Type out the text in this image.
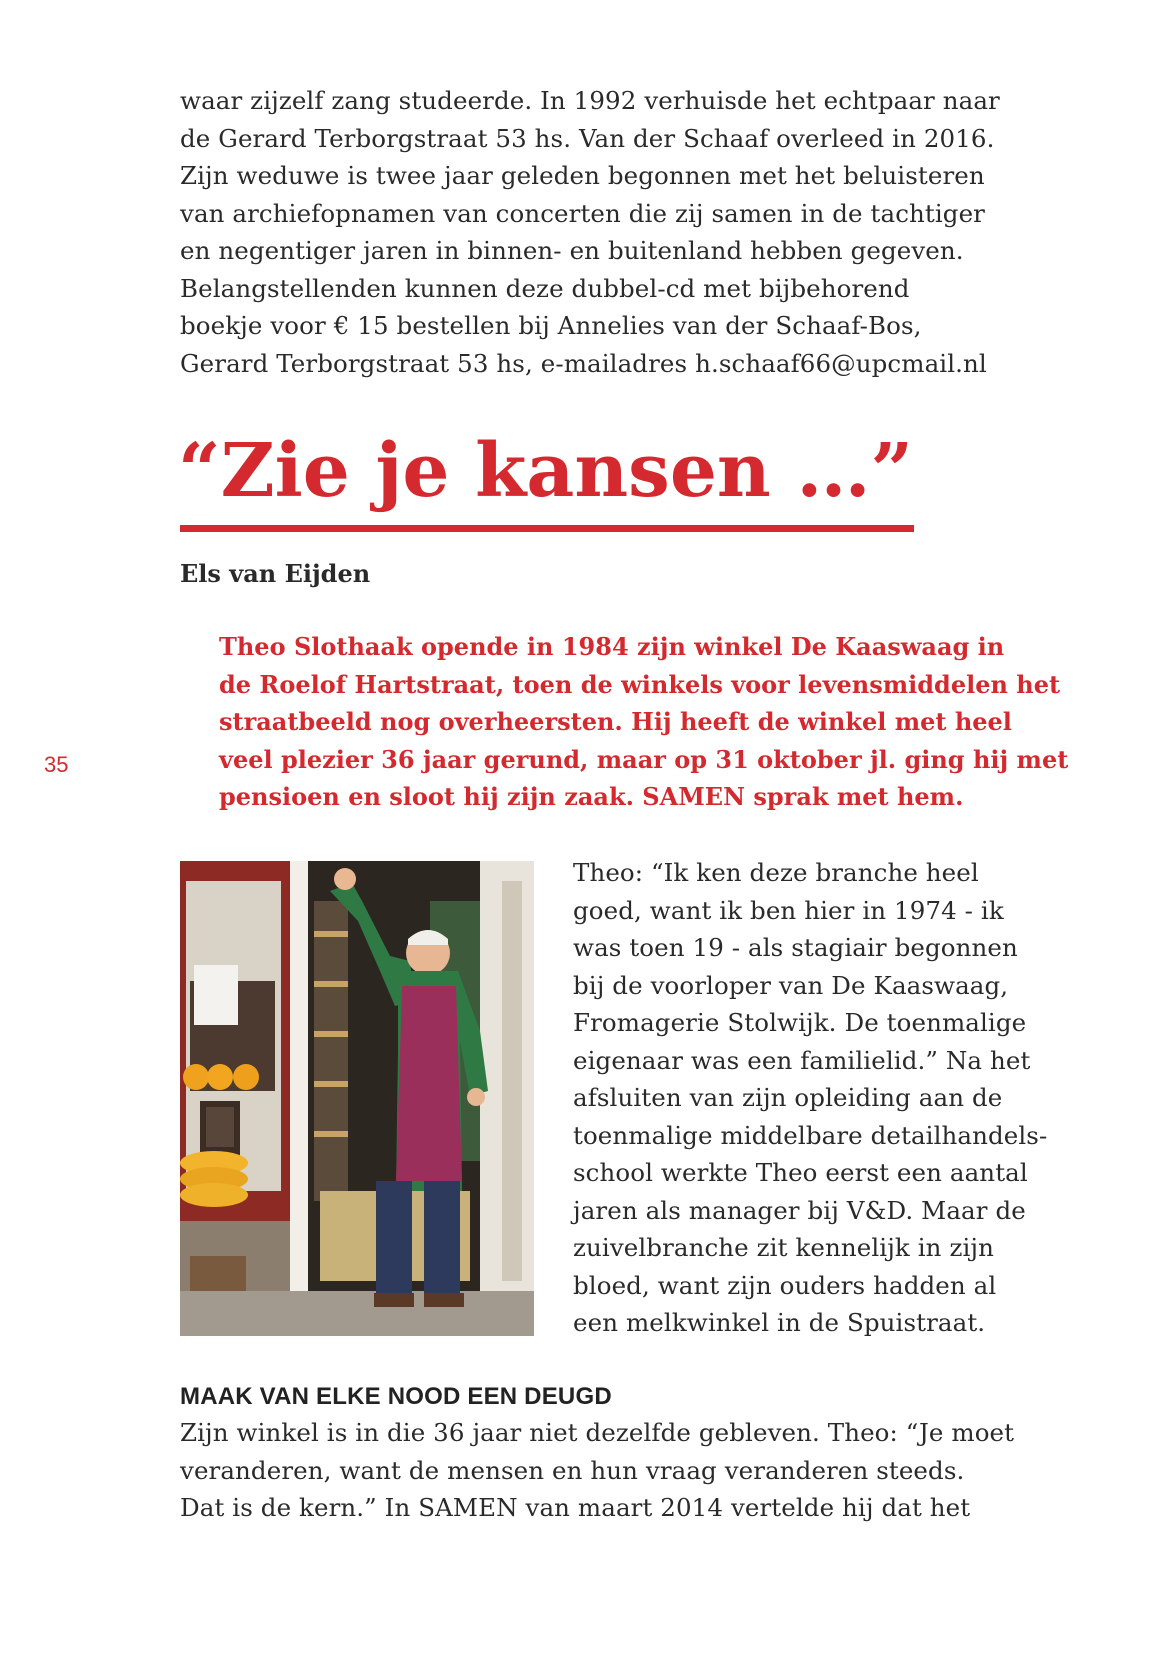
waar zijzelf zang studeerde. In 1992 verhuisde het echtpaar naar
de Gerard Terborgstraat 53 hs. Van der Schaaf overleed in 2016.
Zijn weduwe is twee jaar geleden begonnen met het beluisteren
van archiefopnamen van concerten die zij samen in de tachtiger
en negentiger jaren in binnen- en buitenland hebben gegeven.
Belangstellenden kunnen deze dubbel-cd met bijbehorend
boekje voor € 15 bestellen bij Annelies van der Schaaf-Bos,
Gerard Terborgstraat 53 hs, e-mailadres h.schaaf66@upcmail.nl
“Zie je kansen …”
Els van Eijden
Theo Slothaak opende in 1984 zijn winkel De Kaaswaag in
de Roelof Hartstraat, toen de winkels voor levensmiddelen het
straatbeeld nog overheersten. Hij heeft de winkel met heel
veel plezier 36 jaar gerund, maar op 31 oktober jl. ging hij met
pensioen en sloot hij zijn zaak. SAMEN sprak met hem.
35
Theo: “Ik ken deze branche heel
goed, want ik ben hier in 1974 - ik
was toen 19 - als stagiair begonnen
bij de voorloper van De Kaaswaag,
Fromagerie Stolwijk. De toenmalige
eigenaar was een familielid.” Na het
afsluiten van zijn opleiding aan de
toenmalige middelbare detailhandels-
school werkte Theo eerst een aantal
jaren als manager bij V&D. Maar de
zuivelbranche zit kennelijk in zijn
bloed, want zijn ouders hadden al
een melkwinkel in de Spuistraat.
MAAK VAN ELKE NOOD EEN DEUGD
Zijn winkel is in die 36 jaar niet dezelfde gebleven. Theo: “Je moet
veranderen, want de mensen en hun vraag veranderen steeds.
Dat is de kern.” In SAMEN van maart 2014 vertelde hij dat het
